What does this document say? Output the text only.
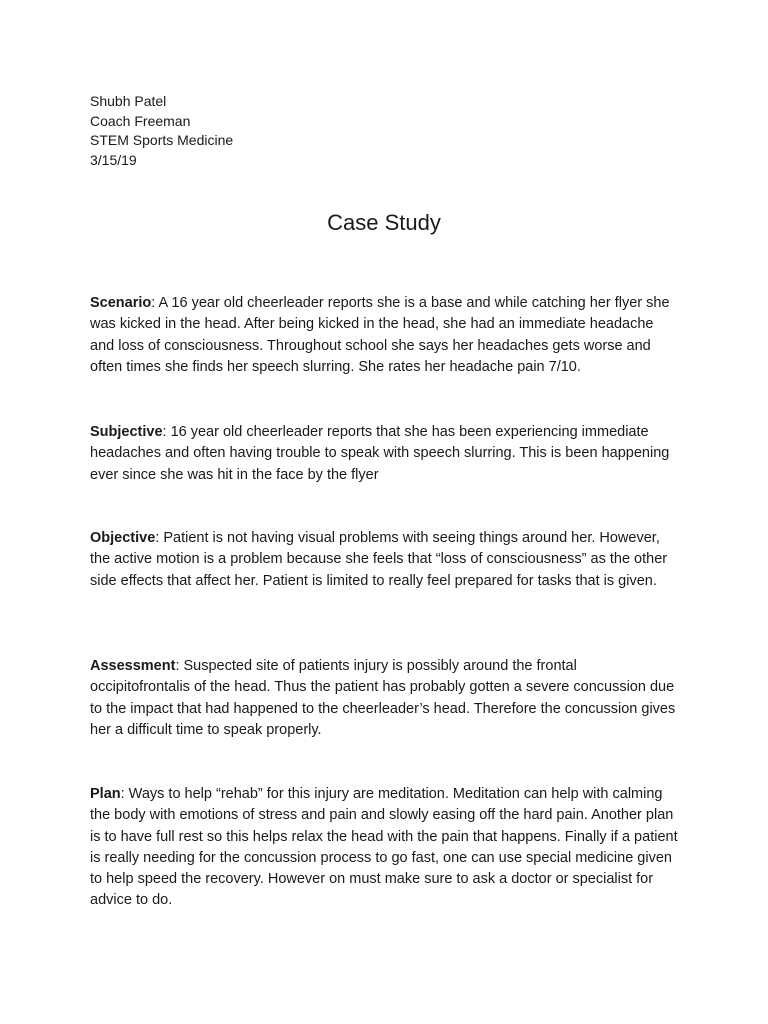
Shubh Patel
Coach Freeman
STEM Sports Medicine
3/15/19
Case Study
Scenario: A 16 year old cheerleader reports she is a base and while catching her flyer she was kicked in the head. After being kicked in the head, she had an immediate headache and loss of consciousness. Throughout school she says her headaches gets worse and often times she finds her speech slurring. She rates her headache pain 7/10.
Subjective: 16 year old cheerleader reports that she has been experiencing immediate headaches and often having trouble to speak with speech slurring. This is been happening ever since she was hit in the face by the flyer
Objective: Patient is not having visual problems with seeing things around her. However, the active motion is a problem because she feels that “loss of consciousness” as the other side effects that affect her. Patient is limited to really feel prepared for tasks that is given.
Assessment: Suspected site of patients injury is possibly around the frontal occipitofrontalis of the head. Thus the patient has probably gotten a severe concussion due to the impact that had happened to the cheerleader’s head. Therefore the concussion gives her a difficult time to speak properly.
Plan: Ways to help “rehab” for this injury are meditation. Meditation can help with calming the body with emotions of stress and pain and slowly easing off the hard pain. Another plan is to have full rest so this helps relax the head with the pain that happens. Finally if a patient is really needing for the concussion process to go fast, one can use special medicine given to help speed the recovery. However on must make sure to ask a doctor or specialist for advice to do.
